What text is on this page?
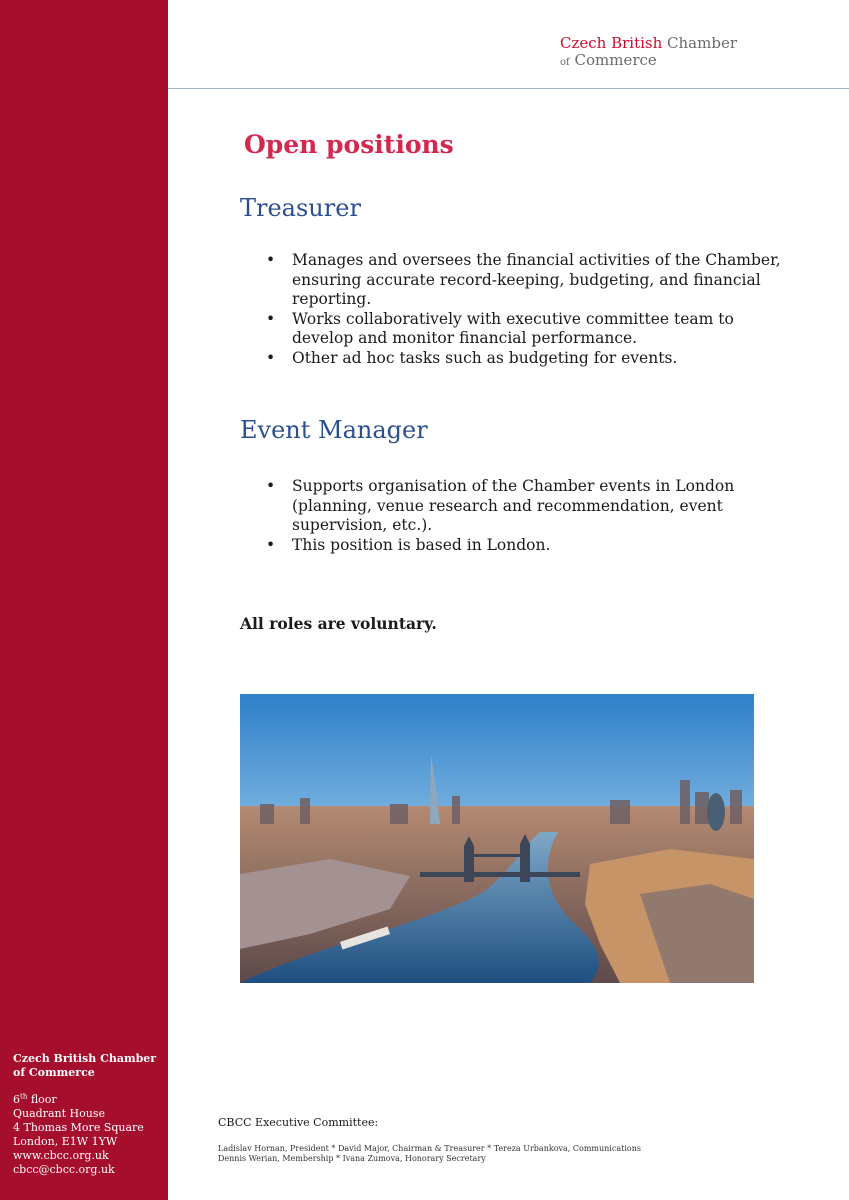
Czech British Chamber
of Commerce
6th floor
Quadrant House
4 Thomas More Square
London, E1W 1YW
www.cbcc.org.uk
cbcc@cbcc.org.uk
Czech British Chamber
of Commerce
Open positions
Treasurer
• Manages and oversees the financial activities of the Chamber, ensuring accurate record-keeping, budgeting, and financial reporting.
• Works collaboratively with executive committee team to develop and monitor financial performance.
• Other ad hoc tasks such as budgeting for events.
Event Manager
• Supports organisation of the Chamber events in London (planning, venue research and recommendation, event supervision, etc.).
• This position is based in London.

All roles are voluntary.

CBCC Executive Committee:
Ladislav Hornan, President * David Major, Chairman & Treasurer * Tereza Urbankova, Communications
Dennis Werian, Membership * Ivana Zumova, Honorary Secretary
